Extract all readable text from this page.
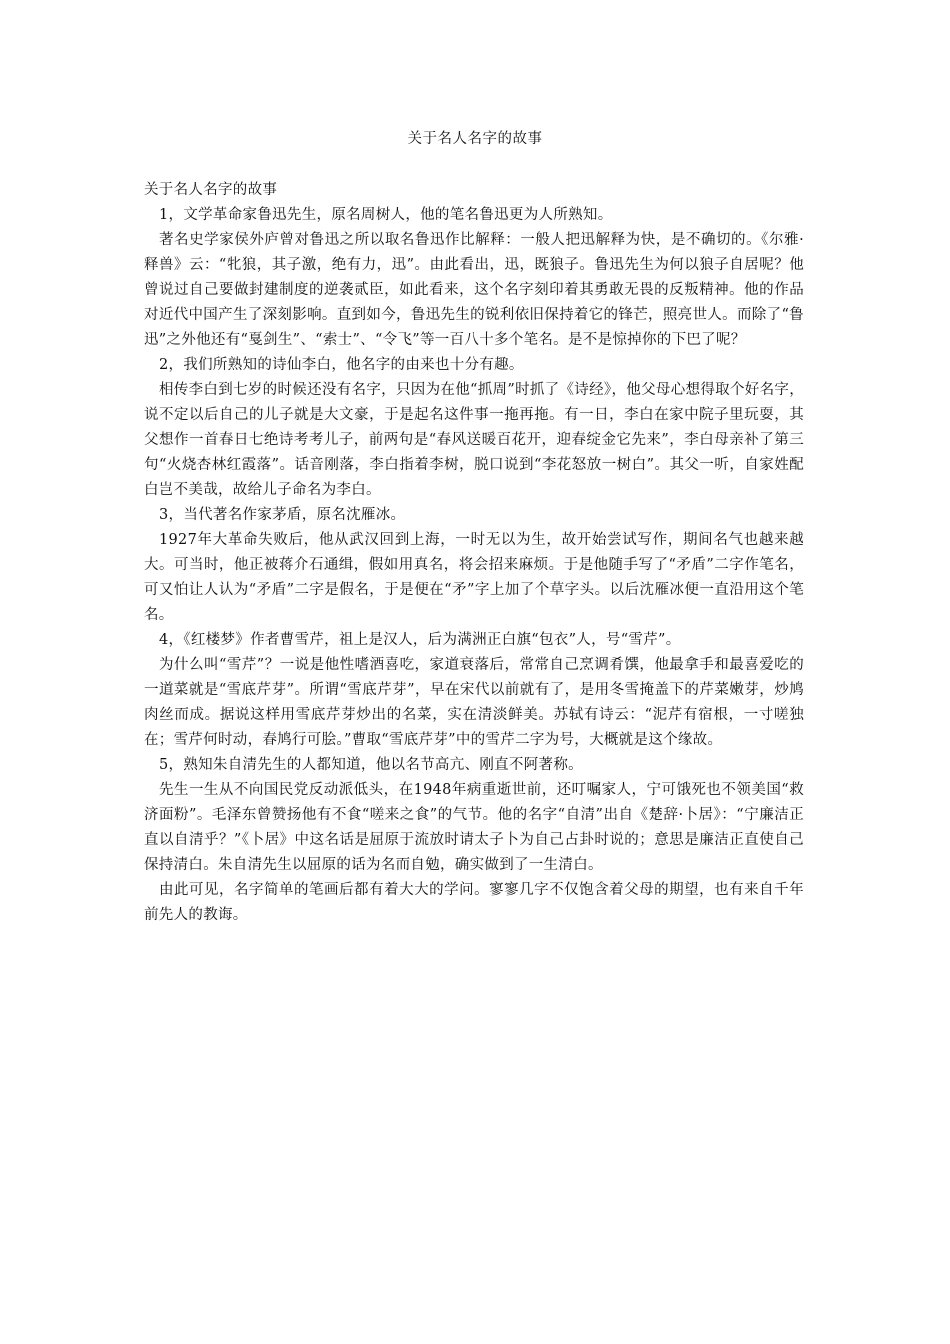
关于名人名字的故事

关于名人名字的故事

1，文学革命家鲁迅先生，原名周树人，他的笔名鲁迅更为人所熟知。

著名史学家侯外庐曾对鲁迅之所以取名鲁迅作比解释：一般人把迅解释为快，是不确切的。《尔雅·释兽》云：“牝狼，其子激，绝有力，迅”。由此看出，迅，既狼子。鲁迅先生为何以狼子自居呢？他曾说过自己要做封建制度的逆袭贰臣，如此看来，这个名字刻印着其勇敢无畏的反叛精神。他的作品对近代中国产生了深刻影响。直到如今，鲁迅先生的锐利依旧保持着它的锋芒，照亮世人。而除了“鲁迅”之外他还有“戛剑生”、“索士”、“令飞”等一百八十多个笔名。是不是惊掉你的下巴了呢？

2，我们所熟知的诗仙李白，他名字的由来也十分有趣。

相传李白到七岁的时候还没有名字，只因为在他“抓周”时抓了《诗经》，他父母心想得取个好名字，说不定以后自己的儿子就是大文豪，于是起名这件事一拖再拖。有一日，李白在家中院子里玩耍，其父想作一首春日七绝诗考考儿子，前两句是“春风送暖百花开，迎春绽金它先来”，李白母亲补了第三句“火烧杏林红霞落”。话音刚落，李白指着李树，脱口说到“李花怒放一树白”。其父一听，自家姓配白岂不美哉，故给儿子命名为李白。

3，当代著名作家茅盾，原名沈雁冰。

1927年大革命失败后，他从武汉回到上海，一时无以为生，故开始尝试写作，期间名气也越来越大。可当时，他正被蒋介石通缉，假如用真名，将会招来麻烦。于是他随手写了“矛盾”二字作笔名，可又怕让人认为“矛盾”二字是假名，于是便在“矛”字上加了个草字头。以后沈雁冰便一直沿用这个笔名。

4，《红楼梦》作者曹雪芹，祖上是汉人，后为满洲正白旗“包衣”人，号“雪芹”。

为什么叫“雪芹”？一说是他性嗜酒喜吃，家道衰落后，常常自己烹调肴馔，他最拿手和最喜爱吃的一道菜就是“雪底芹芽”。所谓“雪底芹芽”，早在宋代以前就有了，是用冬雪掩盖下的芹菜嫩芽，炒鸠肉丝而成。据说这样用雪底芹芽炒出的名菜，实在清淡鲜美。苏轼有诗云：“泥芹有宿根，一寸嗟独在；雪芹何时动，春鸠行可脍。”曹取“雪底芹芽”中的雪芹二字为号，大概就是这个缘故。

5，熟知朱自清先生的人都知道，他以名节高亢、刚直不阿著称。

先生一生从不向国民党反动派低头，在1948年病重逝世前，还叮嘱家人，宁可饿死也不领美国“救济面粉”。毛泽东曾赞扬他有不食“嗟来之食”的气节。他的名字“自清”出自《楚辞·卜居》：“宁廉洁正直以自清乎？”《卜居》中这名话是屈原于流放时请太子卜为自己占卦时说的；意思是廉洁正直使自己保持清白。朱自清先生以屈原的话为名而自勉，确实做到了一生清白。

由此可见，名字简单的笔画后都有着大大的学问。寥寥几字不仅饱含着父母的期望，也有来自千年前先人的教诲。
